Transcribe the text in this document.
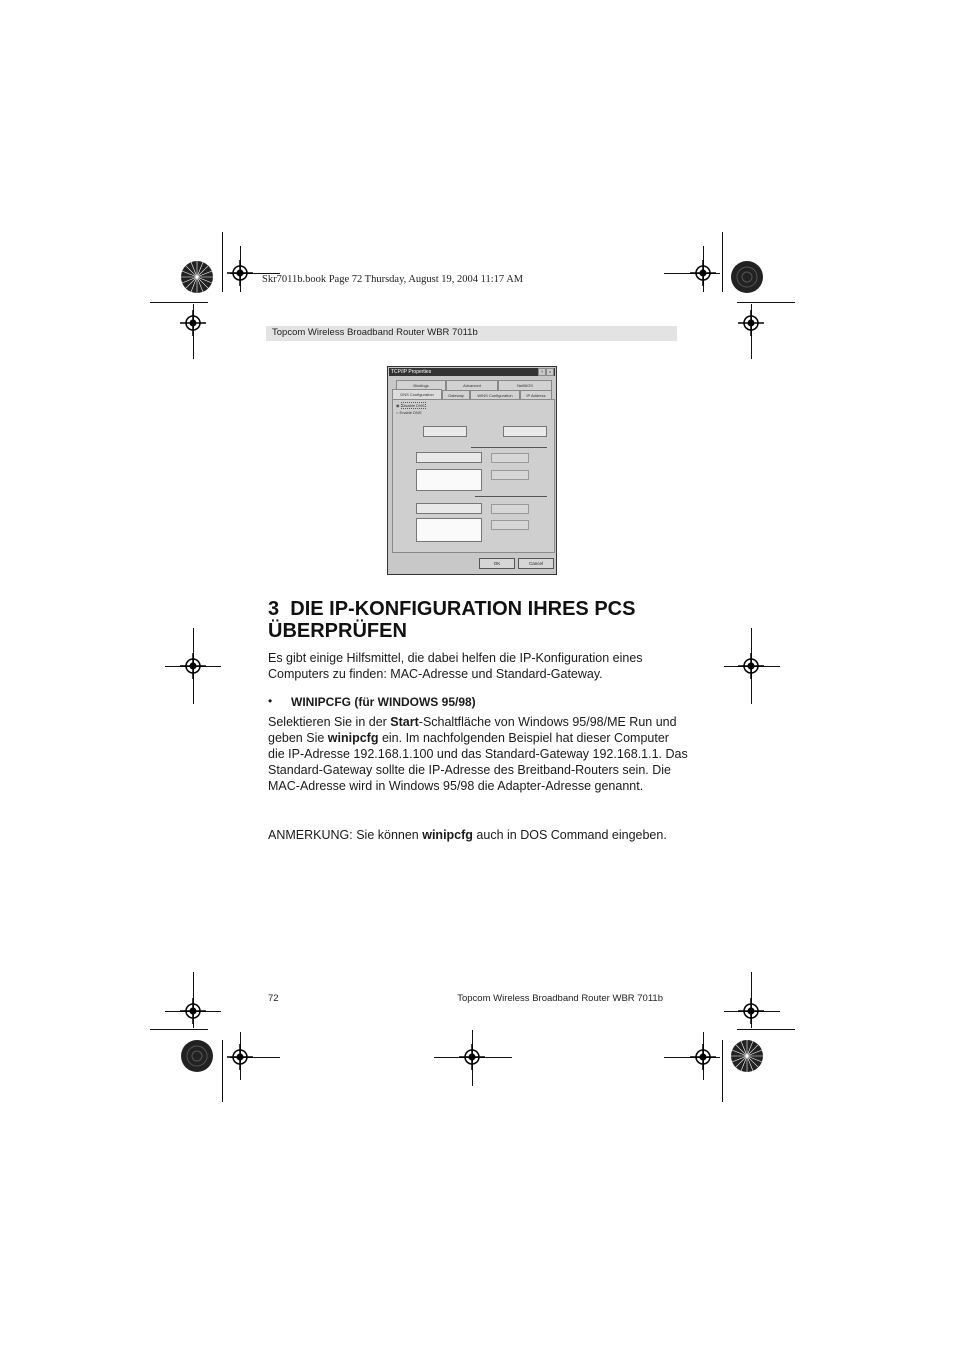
Skr7011b.book Page 72 Thursday, August 19, 2004 11:17 AM
Topcom Wireless Broadband Router WBR 7011b
TCP/IP Properties	?	×
Bindings	Advanced	NetBIOS
DNS Configuration	Gateway	WINS Configuration	IP Address
◉ Disable DNS
○ Enable DNS
OK	Cancel
3 DIE IP-KONFIGURATION IHRES PCS
ÜBERPRÜFEN
Es gibt einige Hilfsmittel, die dabei helfen die IP-Konfiguration eines Computers zu finden: MAC-Adresse und Standard-Gateway.
• WINIPCFG (für WINDOWS 95/98)
Selektieren Sie in der Start-Schaltfläche von Windows 95/98/ME Run und geben Sie winipcfg ein. Im nachfolgenden Beispiel hat dieser Computer die IP-Adresse 192.168.1.100 und das Standard-Gateway 192.168.1.1. Das Standard-Gateway sollte die IP-Adresse des Breitband-Routers sein. Die MAC-Adresse wird in Windows 95/98 die Adapter-Adresse genannt.
ANMERKUNG: Sie können winipcfg auch in DOS Command eingeben.
72	Topcom Wireless Broadband Router WBR 7011b
